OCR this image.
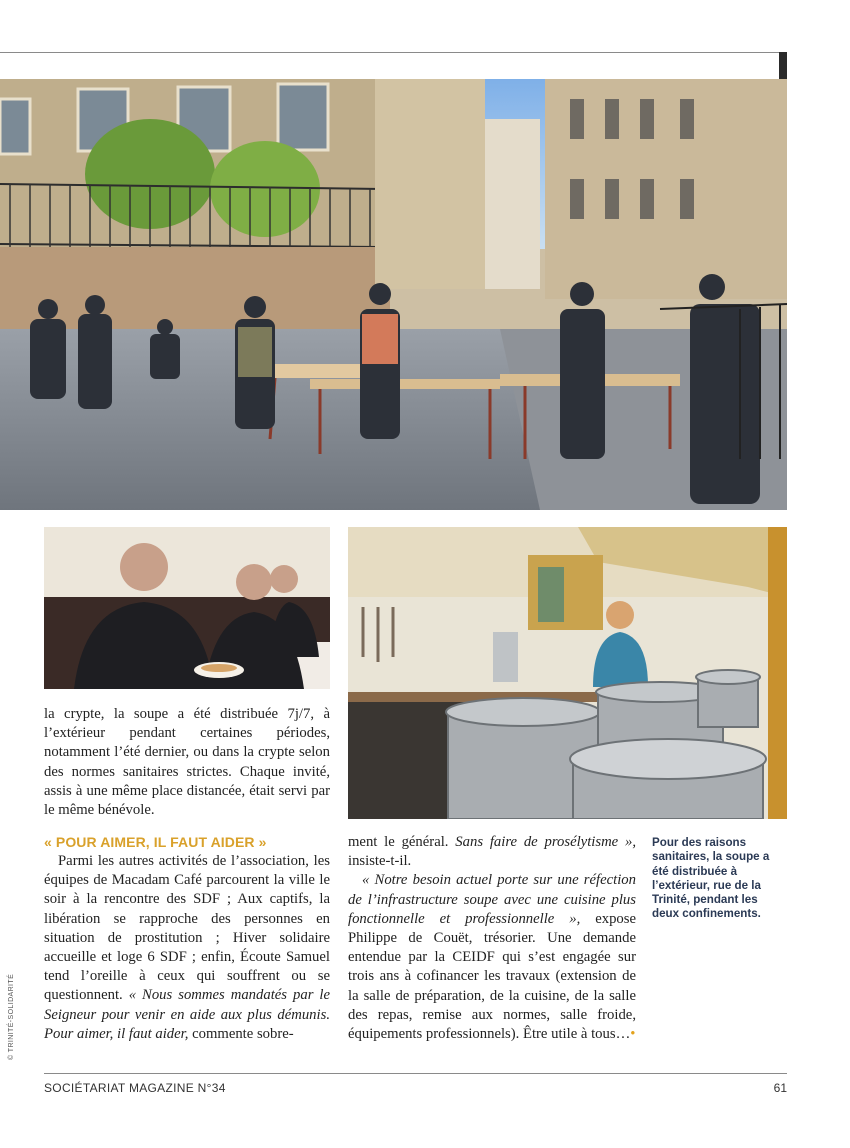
la crypte, la soupe a été distribuée 7j/7, à l’extérieur pendant certaines périodes, notamment l’été dernier, ou dans la crypte selon des normes sanitaires strictes. Chaque invité, assis à une même place distancée, était servi par le même bénévole.

« POUR AIMER, IL FAUT AIDER »

Parmi les autres activités de l’association, les équipes de Macadam Café parcourent la ville le soir à la rencontre des SDF ; Aux captifs, la libération se rapproche des personnes en situation de prostitution ; Hiver solidaire accueille et loge 6 SDF ; enfin, Écoute Samuel tend l’oreille à ceux qui souffrent ou se questionnent. « Nous sommes mandatés par le Seigneur pour venir en aide aux plus démunis. Pour aimer, il faut aider, commente sobre-

ment le général. Sans faire de prosélytisme », insiste-t-il.

« Notre besoin actuel porte sur une réfection de l’infrastructure soupe avec une cuisine plus fonctionnelle et professionnelle », expose Philippe de Couët, trésorier. Une demande entendue par la CEIDF qui s’est engagée sur trois ans à cofinancer les travaux (extension de la salle de préparation, de la cuisine, de la salle des repas, remise aux normes, salle froide, équipements professionnels). Être utile à tous…•

Pour des raisons sanitaires, la soupe a été distribuée à l’extérieur, rue de la Trinité, pendant les deux confinements.
© TRINITÉ-SOLIDARITÉ
SOCIÉTARIAT MAGAZINE N°34	61
